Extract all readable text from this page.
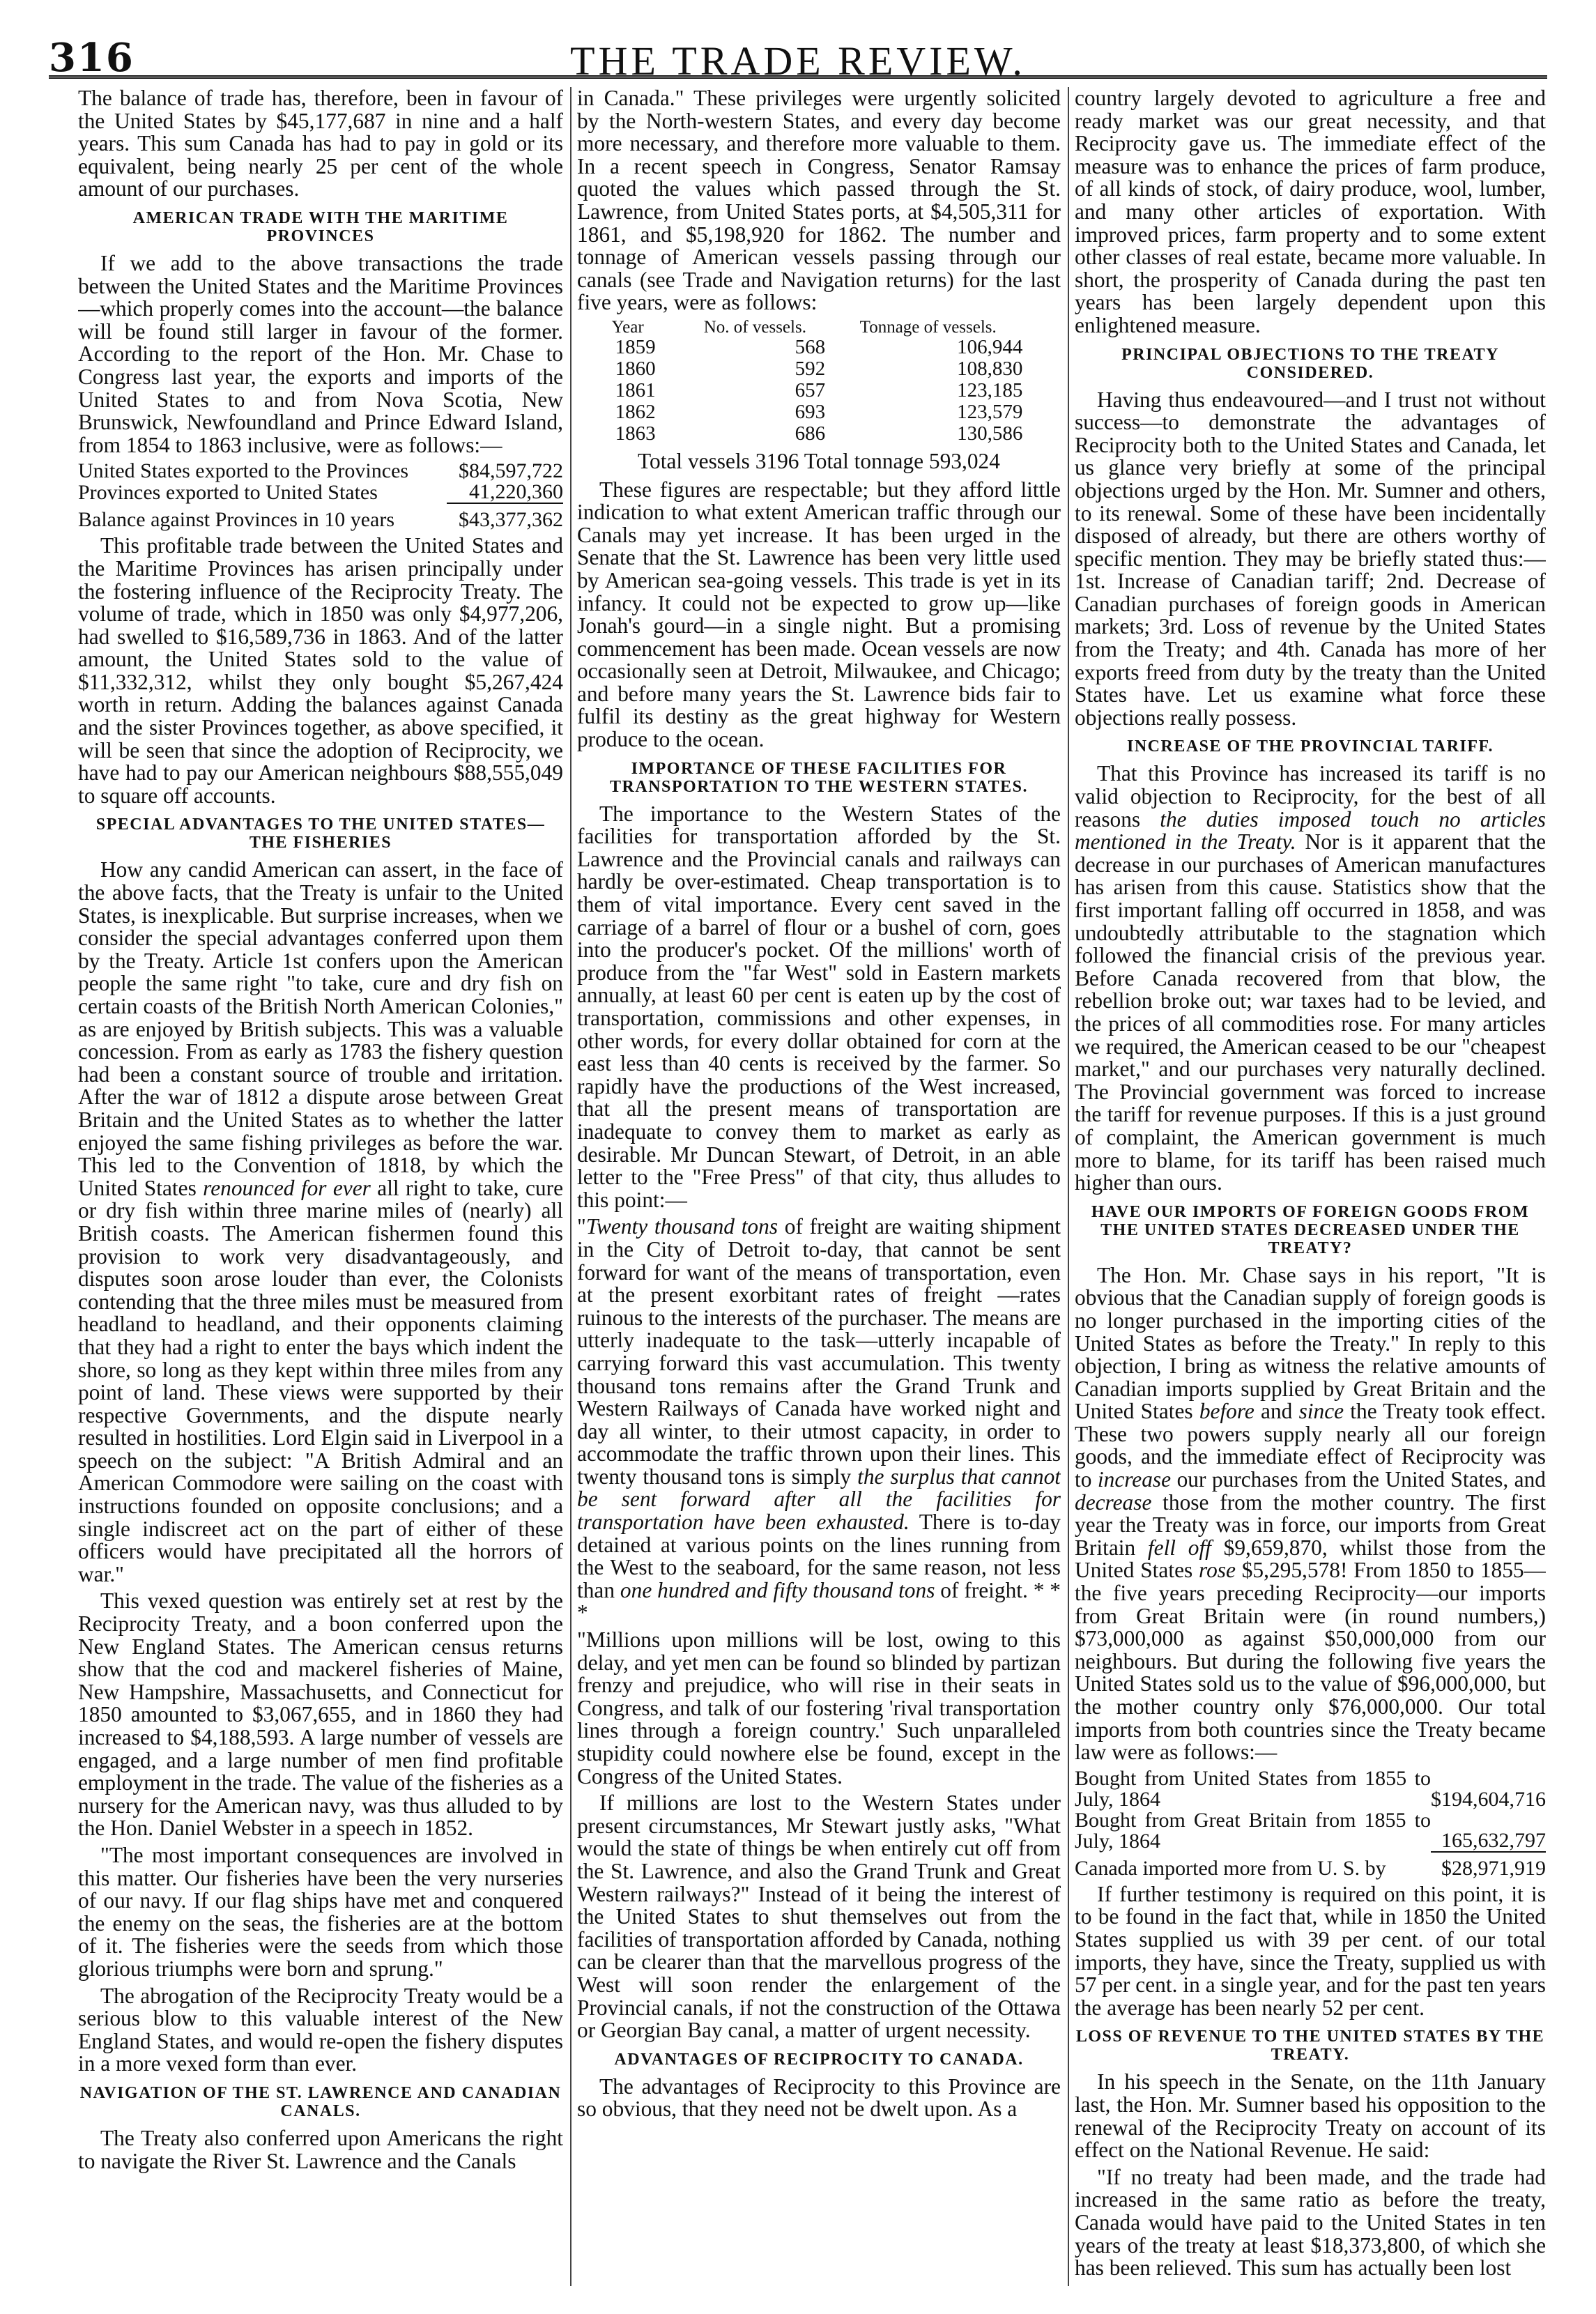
316	THE TRADE REVIEW.

The balance of trade has, therefore, been in favour of the United States by $45,177,687 in nine and a half years. This sum Canada has had to pay in gold or its equivalent, being nearly 25 per cent of the whole amount of our purchases.

AMERICAN TRADE WITH THE MARITIME PROVINCES

If we add to the above transactions the trade between the United States and the Maritime Provinces—which properly comes into the account—the balance will be found still larger in favour of the former. According to the report of the Hon. Mr. Chase to Congress last year, the exports and imports of the United States to and from Nova Scotia, New Brunswick, Newfoundland and Prince Edward Island, from 1854 to 1863 inclusive, were as follows:—

United States exported to the Provinces	$84,597,722
Provinces exported to United States	41,220,360
Balance against Provinces in 10 years	$43,377,362

This profitable trade between the United States and the Maritime Provinces has arisen principally under the fostering influence of the Reciprocity Treaty. The volume of trade, which in 1850 was only $4,977,206, had swelled to $16,589,736 in 1863. And of the latter amount, the United States sold to the value of $11,332,312, whilst they only bought $5,267,424 worth in return. Adding the balances against Canada and the sister Provinces together, as above specified, it will be seen that since the adoption of Reciprocity, we have had to pay our American neighbours $88,555,049 to square off accounts.

SPECIAL ADVANTAGES TO THE UNITED STATES—THE FISHERIES

How any candid American can assert, in the face of the above facts, that the Treaty is unfair to the United States, is inexplicable. But surprise increases, when we consider the special advantages conferred upon them by the Treaty. Article 1st confers upon the American people the same right "to take, cure and dry fish on certain coasts of the British North American Colonies," as are enjoyed by British subjects. This was a valuable concession. From as early as 1783 the fishery question had been a constant source of trouble and irritation. After the war of 1812 a dispute arose between Great Britain and the United States as to whether the latter enjoyed the same fishing privileges as before the war. This led to the Convention of 1818, by which the United States renounced for ever all right to take, cure or dry fish within three marine miles of (nearly) all British coasts. The American fishermen found this provision to work very disadvantageously, and disputes soon arose louder than ever, the Colonists contending that the three miles must be measured from headland to headland, and their opponents claiming that they had a right to enter the bays which indent the shore, so long as they kept within three miles from any point of land. These views were supported by their respective Governments, and the dispute nearly resulted in hostilities. Lord Elgin said in Liverpool in a speech on the subject: "A British Admiral and an American Commodore were sailing on the coast with instructions founded on opposite conclusions; and a single indiscreet act on the part of either of these officers would have precipitated all the horrors of war."

This vexed question was entirely set at rest by the Reciprocity Treaty, and a boon conferred upon the New England States. The American census returns show that the cod and mackerel fisheries of Maine, New Hampshire, Massachusetts, and Connecticut for 1850 amounted to $3,067,655, and in 1860 they had increased to $4,188,593. A large number of vessels are engaged, and a large number of men find profitable employment in the trade. The value of the fisheries as a nursery for the American navy, was thus alluded to by the Hon. Daniel Webster in a speech in 1852.

"The most important consequences are involved in this matter. Our fisheries have been the very nurseries of our navy. If our flag ships have met and conquered the enemy on the seas, the fisheries are at the bottom of it. The fisheries were the seeds from which those glorious triumphs were born and sprung."

The abrogation of the Reciprocity Treaty would be a serious blow to this valuable interest of the New England States, and would re-open the fishery disputes in a more vexed form than ever.

NAVIGATION OF THE ST. LAWRENCE AND CANADIAN CANALS.

The Treaty also conferred upon Americans the right to navigate the River St. Lawrence and the Canals

in Canada." These privileges were urgently solicited by the North-western States, and every day become more necessary, and therefore more valuable to them. In a recent speech in Congress, Senator Ramsay quoted the values which passed through the St. Lawrence, from United States ports, at $4,505,311 for 1861, and $5,198,920 for 1862. The number and tonnage of American vessels passing through our canals (see Trade and Navigation returns) for the last five years, were as follows:

Year	No. of vessels.	Tonnage of vessels.
1859	568	106,944
1860	592	108,830
1861	657	123,185
1862	693	123,579
1863	686	130,586
Total vessels 3196 Total tonnage 593,024

These figures are respectable; but they afford little indication to what extent American traffic through our Canals may yet increase. It has been urged in the Senate that the St. Lawrence has been very little used by American sea-going vessels. This trade is yet in its infancy. It could not be expected to grow up—like Jonah's gourd—in a single night. But a promising commencement has been made. Ocean vessels are now occasionally seen at Detroit, Milwaukee, and Chicago; and before many years the St. Lawrence bids fair to fulfil its destiny as the great highway for Western produce to the ocean.

IMPORTANCE OF THESE FACILITIES FOR TRANSPORTATION TO THE WESTERN STATES.

The importance to the Western States of the facilities for transportation afforded by the St. Lawrence and the Provincial canals and railways can hardly be over-estimated. Cheap transportation is to them of vital importance. Every cent saved in the carriage of a barrel of flour or a bushel of corn, goes into the producer's pocket. Of the millions' worth of produce from the "far West" sold in Eastern markets annually, at least 60 per cent is eaten up by the cost of transportation, commissions and other expenses, in other words, for every dollar obtained for corn at the east less than 40 cents is received by the farmer. So rapidly have the productions of the West increased, that all the present means of transportation are inadequate to convey them to market as early as desirable. Mr Duncan Stewart, of Detroit, in an able letter to the "Free Press" of that city, thus alludes to this point:—

"Twenty thousand tons of freight are waiting shipment in the City of Detroit to-day, that cannot be sent forward for want of the means of transportation, even at the present exorbitant rates of freight —rates ruinous to the interests of the purchaser. The means are utterly inadequate to the task—utterly incapable of carrying forward this vast accumulation. This twenty thousand tons remains after the Grand Trunk and Western Railways of Canada have worked night and day all winter, to their utmost capacity, in order to accommodate the traffic thrown upon their lines. This twenty thousand tons is simply the surplus that cannot be sent forward after all the facilities for transportation have been exhausted. There is to-day detained at various points on the lines running from the West to the seaboard, for the same reason, not less than one hundred and fifty thousand tons of freight. * * *

"Millions upon millions will be lost, owing to this delay, and yet men can be found so blinded by partizan frenzy and prejudice, who will rise in their seats in Congress, and talk of our fostering 'rival transportation lines through a foreign country.' Such unparalleled stupidity could nowhere else be found, except in the Congress of the United States.

If millions are lost to the Western States under present circumstances, Mr Stewart justly asks, "What would the state of things be when entirely cut off from the St. Lawrence, and also the Grand Trunk and Great Western railways?" Instead of it being the interest of the United States to shut themselves out from the facilities of transportation afforded by Canada, nothing can be clearer than that the marvellous progress of the West will soon render the enlargement of the Provincial canals, if not the construction of the Ottawa or Georgian Bay canal, a matter of urgent necessity.

ADVANTAGES OF RECIPROCITY TO CANADA.

The advantages of Reciprocity to this Province are so obvious, that they need not be dwelt upon. As a

country largely devoted to agriculture a free and ready market was our great necessity, and that Reciprocity gave us. The immediate effect of the measure was to enhance the prices of farm produce, of all kinds of stock, of dairy produce, wool, lumber, and many other articles of exportation. With improved prices, farm property and to some extent other classes of real estate, became more valuable. In short, the prosperity of Canada during the past ten years has been largely dependent upon this enlightened measure.

PRINCIPAL OBJECTIONS TO THE TREATY CONSIDERED.

Having thus endeavoured—and I trust not without success—to demonstrate the advantages of Reciprocity both to the United States and Canada, let us glance very briefly at some of the principal objections urged by the Hon. Mr. Sumner and others, to its renewal. Some of these have been incidentally disposed of already, but there are others worthy of specific mention. They may be briefly stated thus:—1st. Increase of Canadian tariff; 2nd. Decrease of Canadian purchases of foreign goods in American markets; 3rd. Loss of revenue by the United States from the Treaty; and 4th. Canada has more of her exports freed from duty by the treaty than the United States have. Let us examine what force these objections really possess.

INCREASE OF THE PROVINCIAL TARIFF.

That this Province has increased its tariff is no valid objection to Reciprocity, for the best of all reasons the duties imposed touch no articles mentioned in the Treaty. Nor is it apparent that the decrease in our purchases of American manufactures has arisen from this cause. Statistics show that the first important falling off occurred in 1858, and was undoubtedly attributable to the stagnation which followed the financial crisis of the previous year. Before Canada recovered from that blow, the rebellion broke out; war taxes had to be levied, and the prices of all commodities rose. For many articles we required, the American ceased to be our "cheapest market," and our purchases very naturally declined. The Provincial government was forced to increase the tariff for revenue purposes. If this is a just ground of complaint, the American government is much more to blame, for its tariff has been raised much higher than ours.

HAVE OUR IMPORTS OF FOREIGN GOODS FROM THE UNITED STATES DECREASED UNDER THE TREATY?

The Hon. Mr. Chase says in his report, "It is obvious that the Canadian supply of foreign goods is no longer purchased in the importing cities of the United States as before the Treaty." In reply to this objection, I bring as witness the relative amounts of Canadian imports supplied by Great Britain and the United States before and since the Treaty took effect. These two powers supply nearly all our foreign goods, and the immediate effect of Reciprocity was to increase our purchases from the United States, and decrease those from the mother country. The first year the Treaty was in force, our imports from Great Britain fell off $9,659,870, whilst those from the United States rose $5,295,578! From 1850 to 1855—the five years preceding Reciprocity—our imports from Great Britain were (in round numbers,) $73,000,000 as against $50,000,000 from our neighbours. But during the following five years the United States sold us to the value of $96,000,000, but the mother country only $76,000,000. Our total imports from both countries since the Treaty became law were as follows:—

Bought from United States from 1855 to July, 1864	$194,604,716
Bought from Great Britain from 1855 to July, 1864	165,632,797
Canada imported more from U. S. by	$28,971,919

If further testimony is required on this point, it is to be found in the fact that, while in 1850 the United States supplied us with 39 per cent. of our total imports, they have, since the Treaty, supplied us with 57 per cent. in a single year, and for the past ten years the average has been nearly 52 per cent.

LOSS OF REVENUE TO THE UNITED STATES BY THE TREATY.

In his speech in the Senate, on the 11th January last, the Hon. Mr. Sumner based his opposition to the renewal of the Reciprocity Treaty on account of its effect on the National Revenue. He said:

"If no treaty had been made, and the trade had increased in the same ratio as before the treaty, Canada would have paid to the United States in ten years of the treaty at least $18,373,800, of which she has been relieved. This sum has actually been lost
